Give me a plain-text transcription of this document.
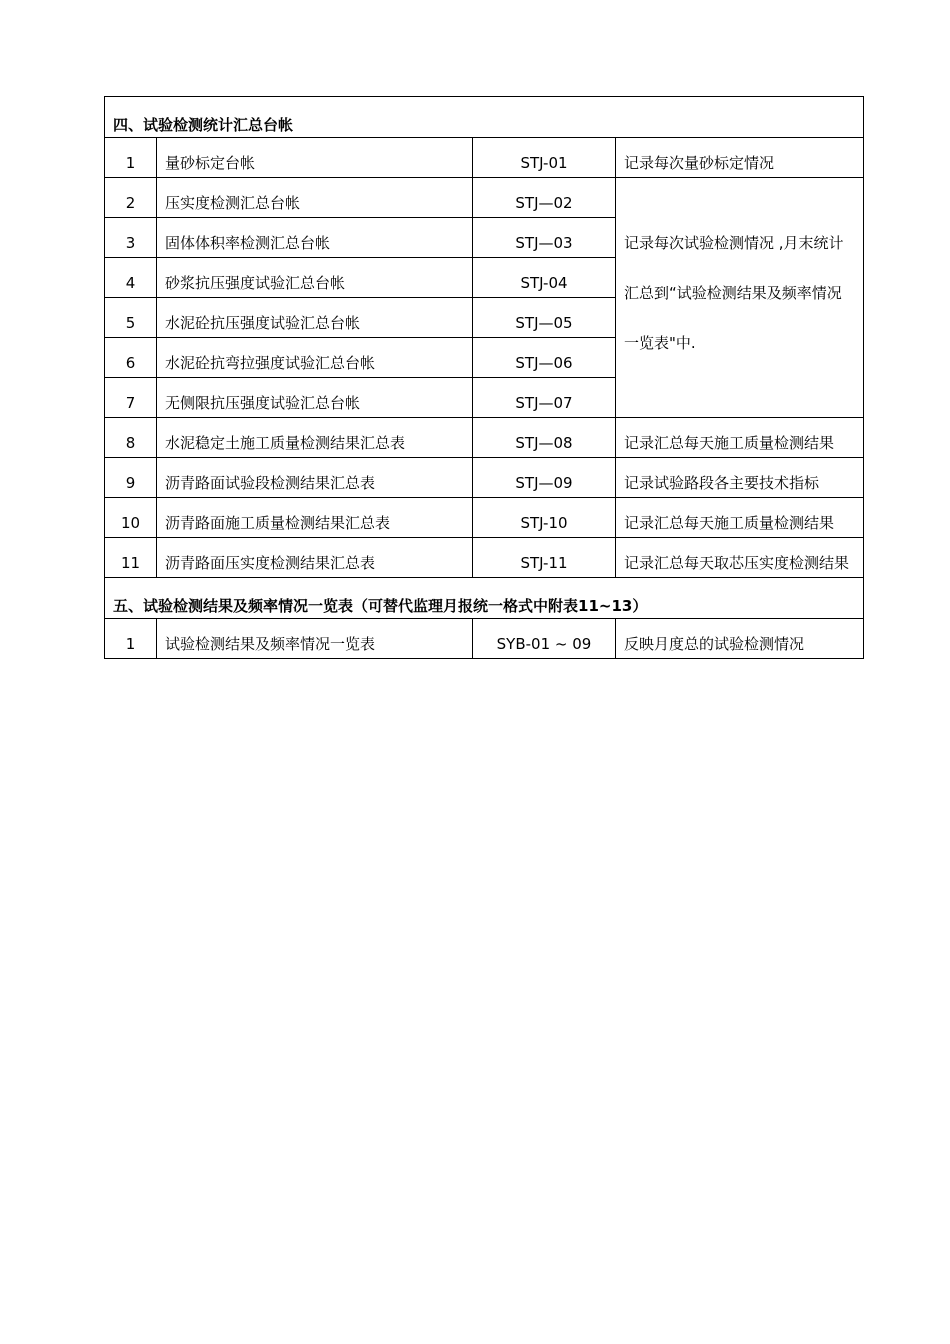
四、试验检测统计汇总台帐			
1	量砂标定台帐	STJ-01	记录每次量砂标定情况
2	压实度检测汇总台帐	STJ—02	记录每次试验检测情况 ,月末统计汇总到“试验检测结果及频率情况一览表"中.
3	固体体积率检测汇总台帐	STJ—03	
4	砂浆抗压强度试验汇总台帐	STJ-04	
5	水泥砼抗压强度试验汇总台帐	STJ—05	
6	水泥砼抗弯拉强度试验汇总台帐	STJ—06	
7	无侧限抗压强度试验汇总台帐	STJ—07	
8	水泥稳定土施工质量检测结果汇总表	STJ—08	记录汇总每天施工质量检测结果
9	沥青路面试验段检测结果汇总表	STJ—09	记录试验路段各主要技术指标
10	沥青路面施工质量检测结果汇总表	STJ-10	记录汇总每天施工质量检测结果
11	沥青路面压实度检测结果汇总表	STJ-11	记录汇总每天取芯压实度检测结果
五、试验检测结果及频率情况一览表（可替代监理月报统一格式中附表11~13）			
1	试验检测结果及频率情况一览表	SYB-01 ~ 09	反映月度总的试验检测情况
